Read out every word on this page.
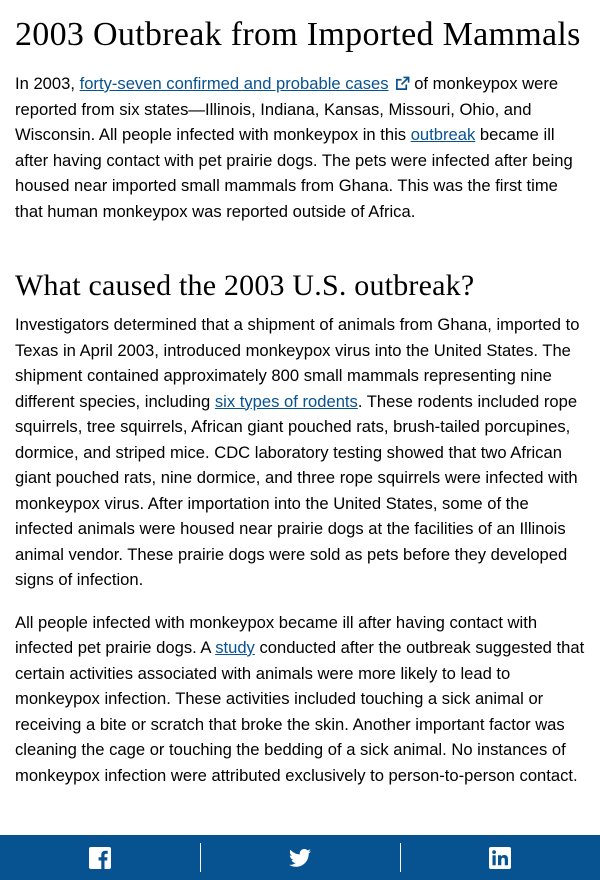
2003 Outbreak from Imported Mammals

In 2003, forty-seven confirmed and probable cases of monkeypox were reported from six states—Illinois, Indiana, Kansas, Missouri, Ohio, and Wisconsin. All people infected with monkeypox in this outbreak became ill after having contact with pet prairie dogs. The pets were infected after being housed near imported small mammals from Ghana. This was the first time that human monkeypox was reported outside of Africa.

What caused the 2003 U.S. outbreak?

Investigators determined that a shipment of animals from Ghana, imported to Texas in April 2003, introduced monkeypox virus into the United States. The shipment contained approximately 800 small mammals representing nine different species, including six types of rodents. These rodents included rope squirrels, tree squirrels, African giant pouched rats, brush-tailed porcupines, dormice, and striped mice. CDC laboratory testing showed that two African giant pouched rats, nine dormice, and three rope squirrels were infected with monkeypox virus. After importation into the United States, some of the infected animals were housed near prairie dogs at the facilities of an Illinois animal vendor. These prairie dogs were sold as pets before they developed signs of infection.

All people infected with monkeypox became ill after having contact with infected pet prairie dogs. A study conducted after the outbreak suggested that certain activities associated with animals were more likely to lead to monkeypox infection. These activities included touching a sick animal or receiving a bite or scratch that broke the skin. Another important factor was cleaning the cage or touching the bedding of a sick animal. No instances of monkeypox infection were attributed exclusively to person-to-person contact.
